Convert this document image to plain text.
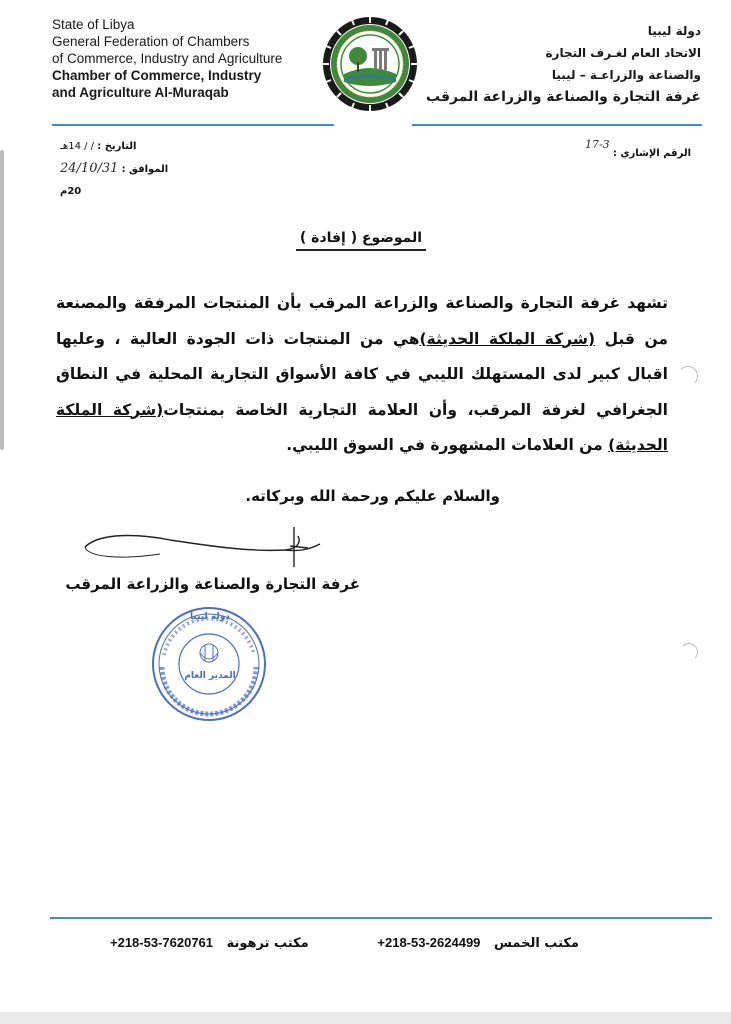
State of Libya
General Federation of Chambers
of Commerce, Industry and Agriculture
Chamber of Commerce, Industry
and Agriculture Al-Muraqab
دولة ليبيا
الاتحاد العام لغـرف التجارة
والصناعة والزراعـة – ليبيا
غرفة التجارة والصناعة والزراعة المرقب
التاريخ : / / 14هـ
الموافق : 24/10/31 20م
الرقم الإشاري : 3-17
الموضوع ( إفادة )
تشهد غرفة التجارة والصناعة والزراعة المرقب بأن المنتجات المرفقة والمصنعة من قبل (شركة الملكة الحديثة)هي من المنتجات ذات الجودة العالية ، وعليها اقبال كبير لدى المستهلك الليبي في كافة الأسواق التجارية المحلية في النطاق الجغرافي لغرفة المرقب، وأن العلامة التجارية الخاصة بمنتجات(شركة الملكة الحديثة) من العلامات المشهورة في السوق الليبي.
والسلام عليكم ورحمة الله وبركاته.
غرفة التجارة والصناعة والزراعة المرقب
دولة ليبيا
المدير العام
مكتب الخمس   +218-53-2624499
مكتب ترهونة   +218-53-7620761
